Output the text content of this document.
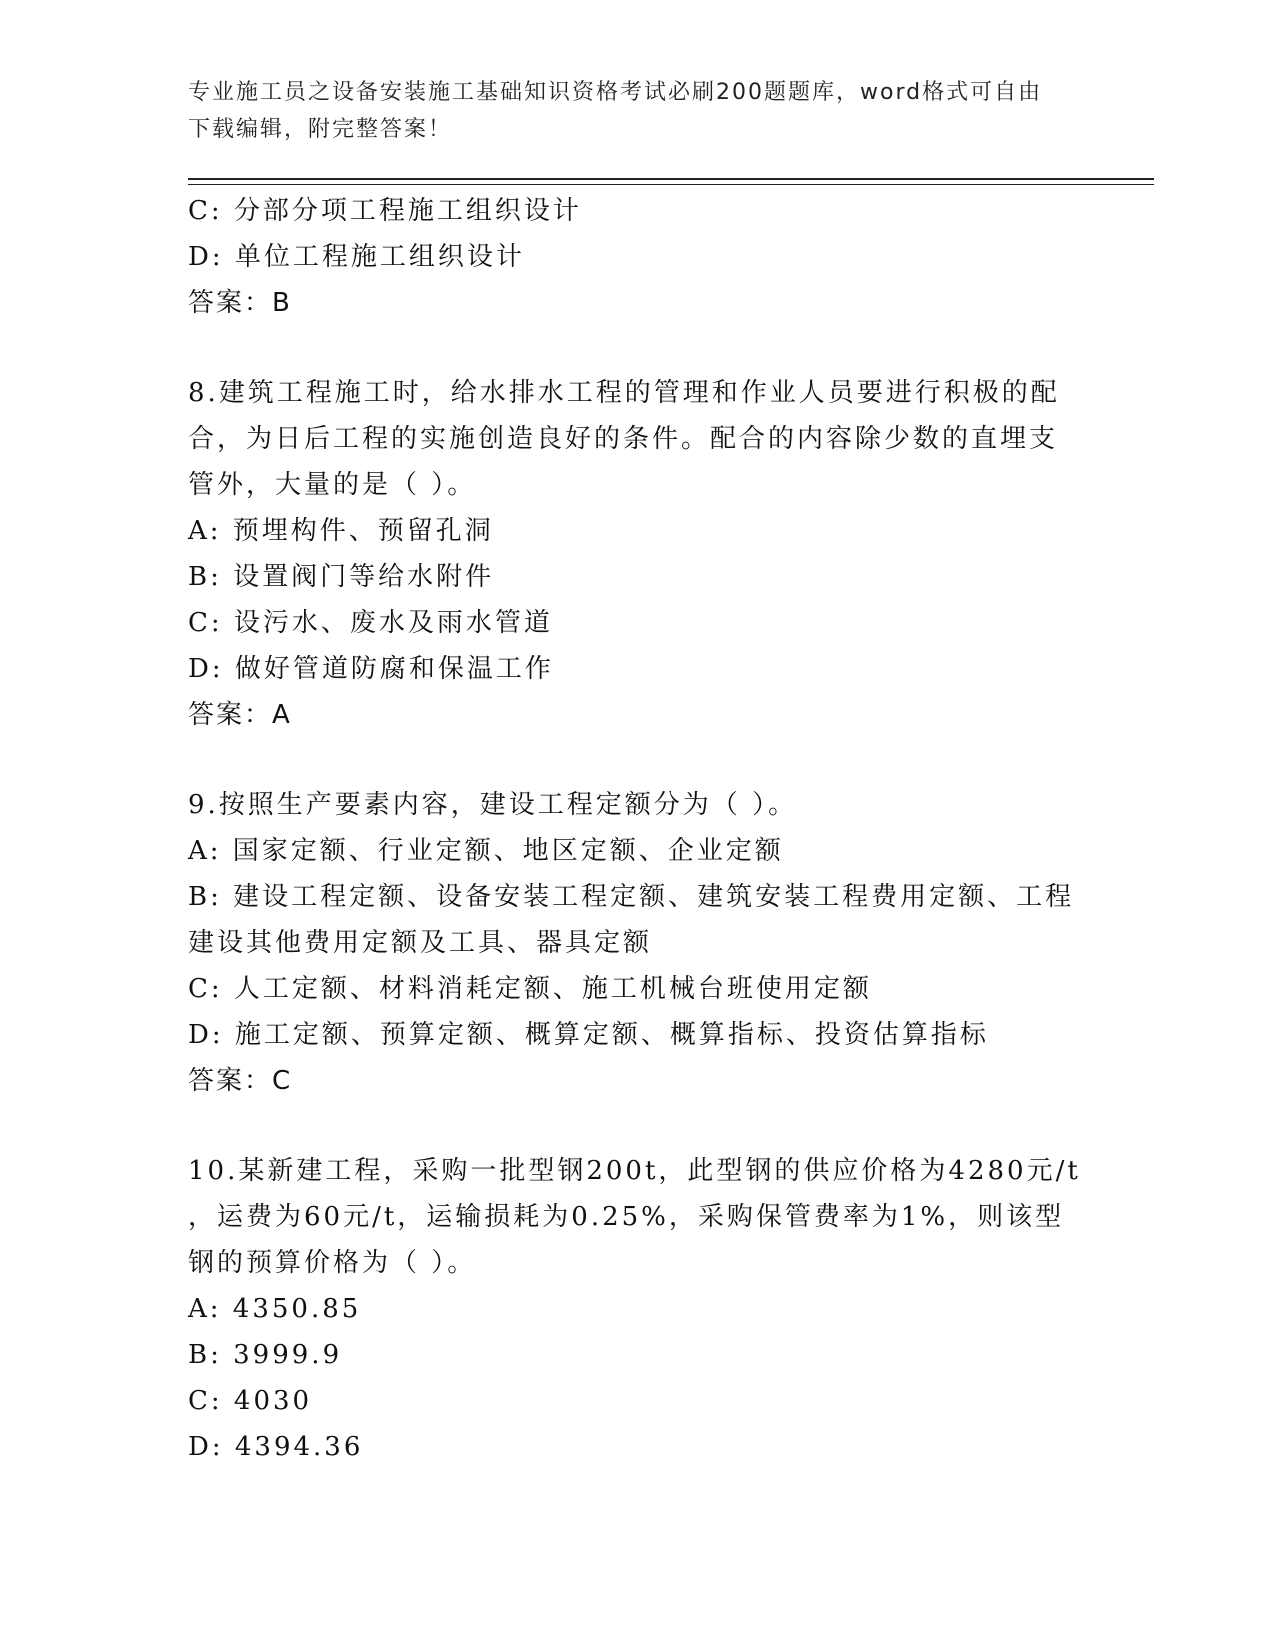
专业施工员之设备安装施工基础知识资格考试必刷200题题库，word格式可自由
下载编辑，附完整答案！
C: 分部分项工程施工组织设计
D: 单位工程施工组织设计
答案：B
8.建筑工程施工时，给水排水工程的管理和作业人员要进行积极的配
合，为日后工程的实施创造良好的条件。配合的内容除少数的直埋支
管外，大量的是（ ）。
A: 预埋构件、预留孔洞
B: 设置阀门等给水附件
C: 设污水、废水及雨水管道
D: 做好管道防腐和保温工作
答案：A
9.按照生产要素内容，建设工程定额分为（ ）。
A: 国家定额、行业定额、地区定额、企业定额
B: 建设工程定额、设备安装工程定额、建筑安装工程费用定额、工程
建设其他费用定额及工具、器具定额
C: 人工定额、材料消耗定额、施工机械台班使用定额
D: 施工定额、预算定额、概算定额、概算指标、投资估算指标
答案：C
10.某新建工程，采购一批型钢200t，此型钢的供应价格为4280元/t
，运费为60元/t，运输损耗为0.25%，采购保管费率为1%，则该型
钢的预算价格为（ ）。
A: 4350.85
B: 3999.9
C: 4030
D: 4394.36
